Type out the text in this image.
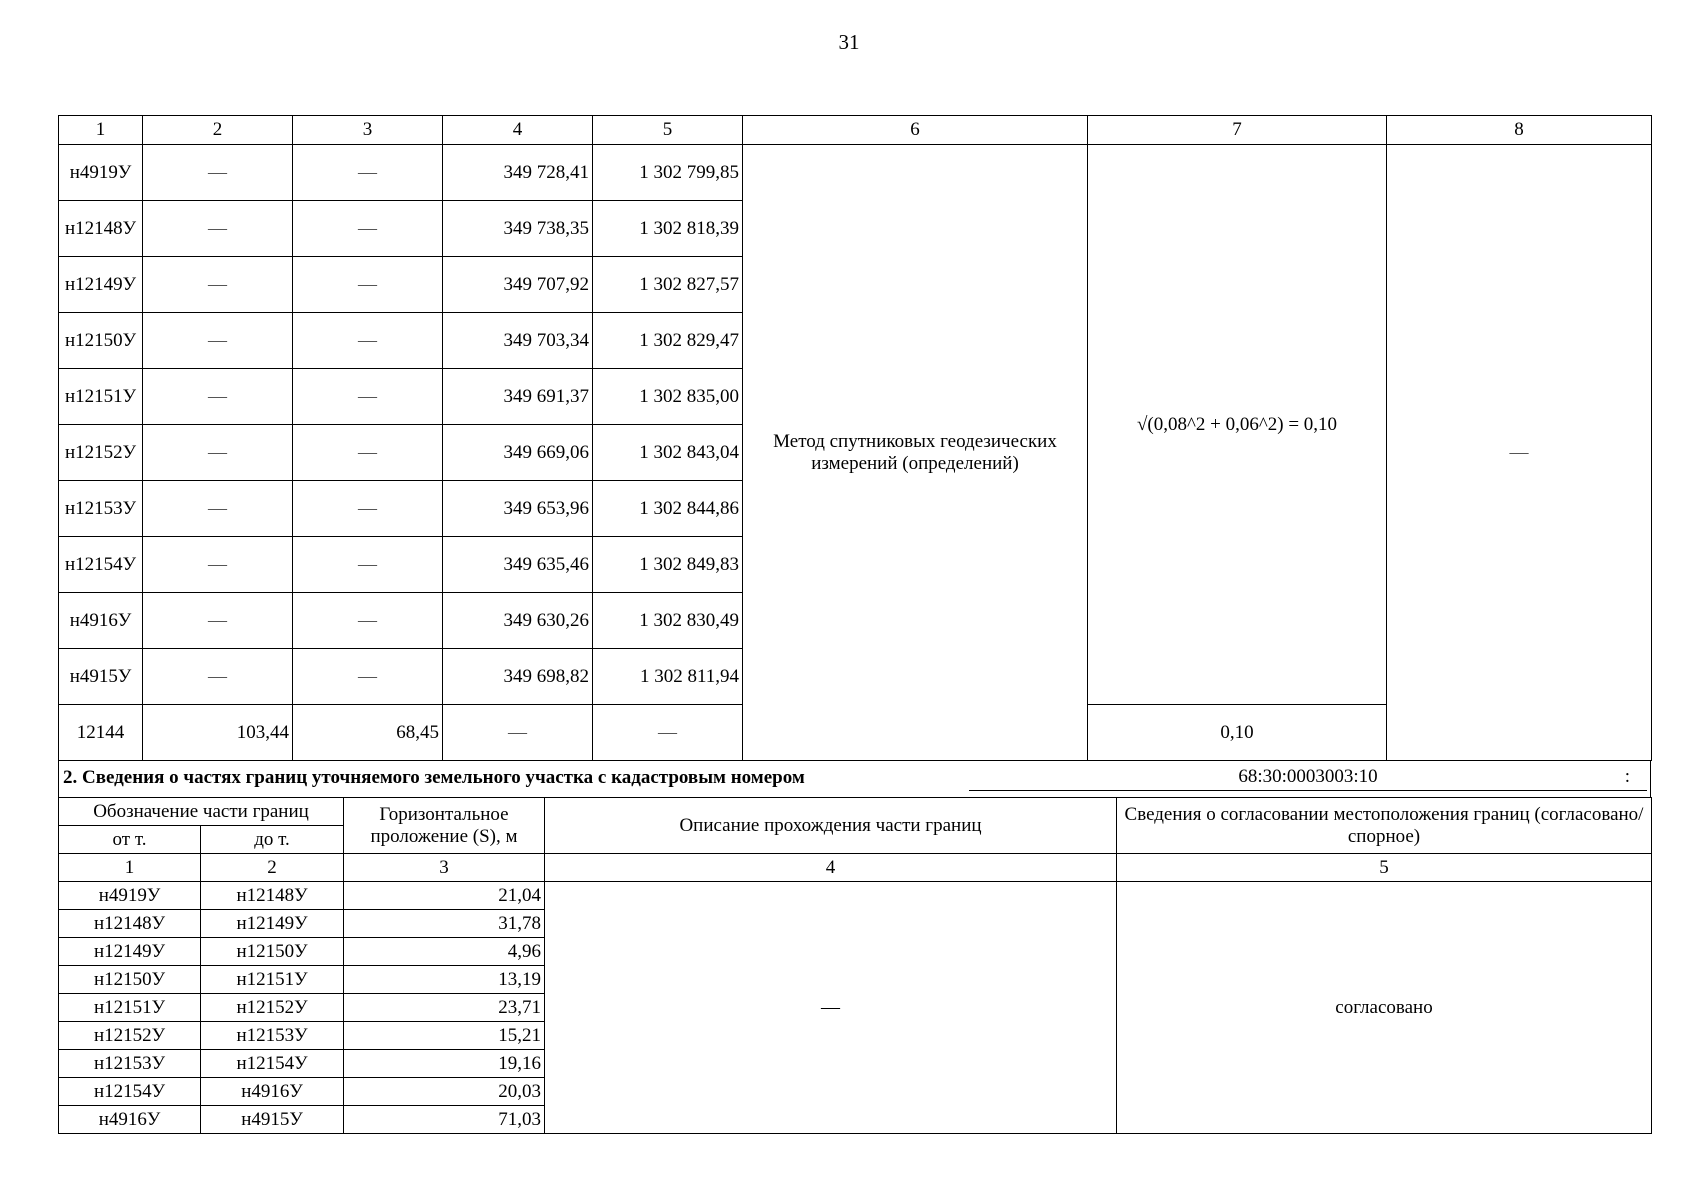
31
1	2	3	4	5	6	7	8
н4919У	—	—	349 728,41	1 302 799,85	Метод спутниковых геодезических измерений (определений)	√(0,08^2 + 0,06^2) = 0,10	—
н12148У	—	—	349 738,35	1 302 818,39			
н12149У	—	—	349 707,92	1 302 827,57			
н12150У	—	—	349 703,34	1 302 829,47			
н12151У	—	—	349 691,37	1 302 835,00			
н12152У	—	—	349 669,06	1 302 843,04			
н12153У	—	—	349 653,96	1 302 844,86			
н12154У	—	—	349 635,46	1 302 849,83			
н4916У	—	—	349 630,26	1 302 830,49			
н4915У	—	—	349 698,82	1 302 811,94			
12144	103,44	68,45	—	—		0,10	
2. Сведения о частях границ уточняемого земельного участка с кадастровым номером	68:30:0003003:10	:
Обозначение части границ		Горизонтальное проложение (S), м	Описание прохождения части границ	Сведения о согласовании местоположения границ (согласовано/спорное)
от т.	до т.			
1	2	3	4	5
н4919У	н12148У	21,04	—	согласовано
н12148У	н12149У	31,78		
н12149У	н12150У	4,96		
н12150У	н12151У	13,19		
н12151У	н12152У	23,71		
н12152У	н12153У	15,21		
н12153У	н12154У	19,16		
н12154У	н4916У	20,03		
н4916У	н4915У	71,03		
